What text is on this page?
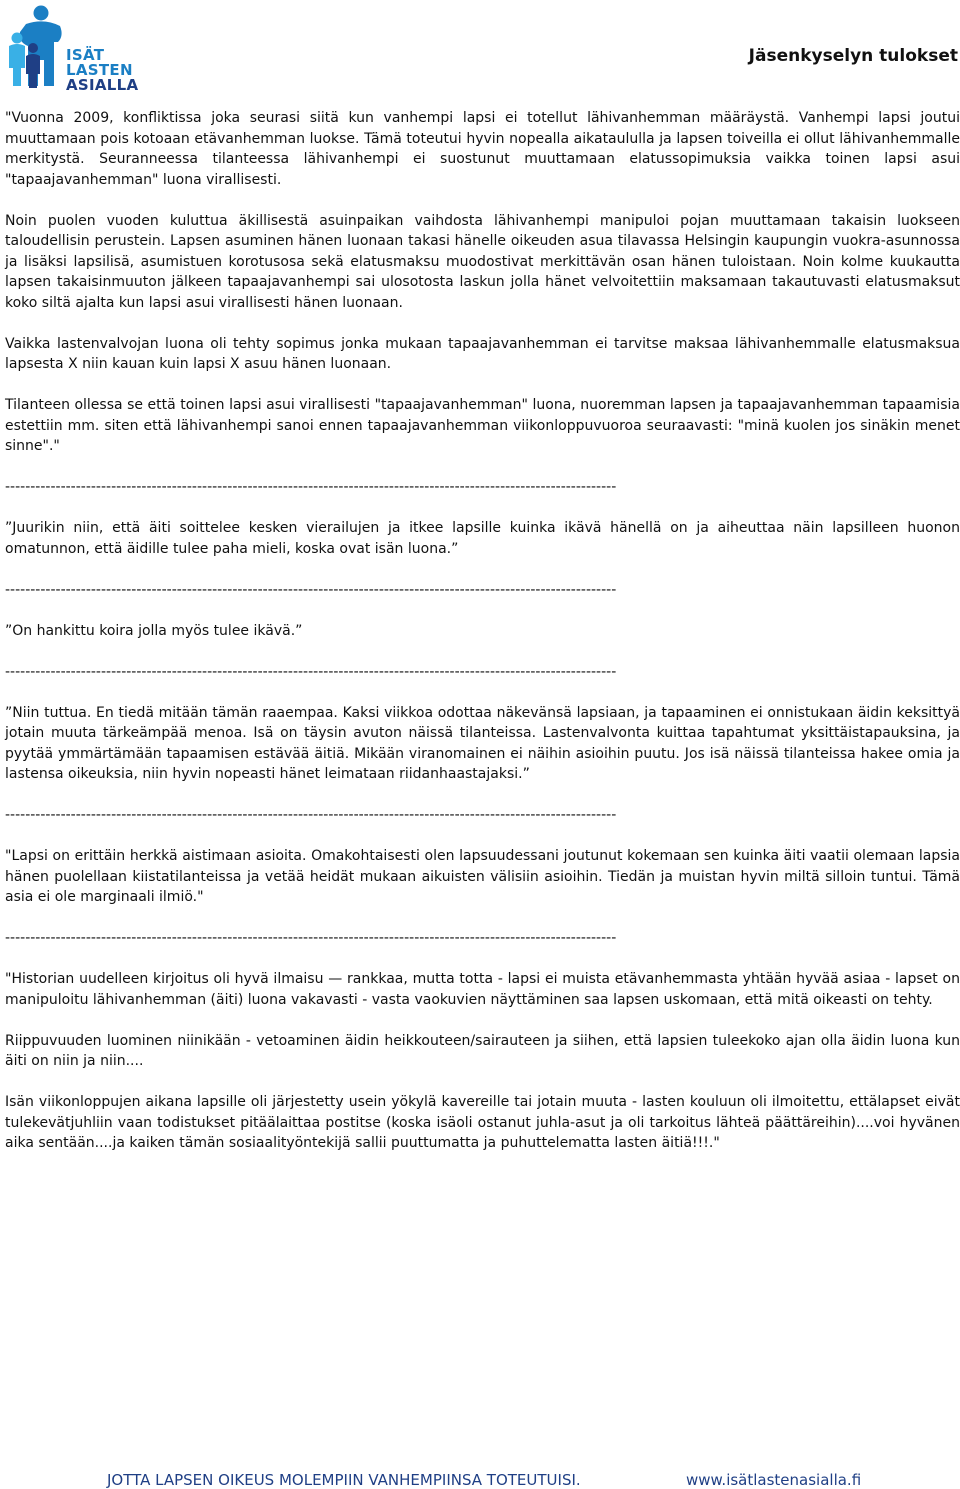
ISÄT
LASTEN
ASIALLA
Jäsenkyselyn tulokset

"Vuonna 2009, konfliktissa joka seurasi siitä kun vanhempi lapsi ei totellut lähivanhemman määräystä. Vanhempi lapsi joutui muuttamaan pois kotoaan etävanhemman luokse. Tämä toteutui hyvin nopealla aikataululla ja lapsen toiveilla ei ollut lähivanhemmalle merkitystä. Seuranneessa tilanteessa lähivanhempi ei suostunut muuttamaan elatussopimuksia vaikka toinen lapsi asui "tapaajavanhemman" luona virallisesti.

Noin puolen vuoden kuluttua äkillisestä asuinpaikan vaihdosta lähivanhempi manipuloi pojan muuttamaan takaisin luokseen taloudellisin perustein. Lapsen asuminen hänen luonaan takasi hänelle oikeuden asua tilavassa Helsingin kaupungin vuokra-asunnossa ja lisäksi lapsilisä, asumistuen korotusosa sekä elatusmaksu muodostivat merkittävän osan hänen tuloistaan. Noin kolme kuukautta lapsen takaisinmuuton jälkeen tapaajavanhempi sai ulosotosta laskun jolla hänet velvoitettiin maksamaan takautuvasti elatusmaksut koko siltä ajalta kun lapsi asui virallisesti hänen luonaan.

Vaikka lastenvalvojan luona oli tehty sopimus jonka mukaan tapaajavanhemman ei tarvitse maksaa lähivanhemmalle elatusmaksua lapsesta X niin kauan kuin lapsi X asuu hänen luonaan.

Tilanteen ollessa se että toinen lapsi asui virallisesti "tapaajavanhemman" luona, nuoremman lapsen ja tapaajavanhemman tapaamisia estettiin mm. siten että lähivanhempi sanoi ennen tapaajavanhemman viikonloppuvuoroa seuraavasti: "minä kuolen jos sinäkin menet sinne"."

-------------------------------------------------------------------------------------------------------------------------

”Juurikin niin, että äiti soittelee kesken vierailujen ja itkee lapsille kuinka ikävä hänellä on ja aiheuttaa näin lapsilleen huonon omatunnon, että äidille tulee paha mieli, koska ovat isän luona.”

-------------------------------------------------------------------------------------------------------------------------

”On hankittu koira jolla myös tulee ikävä.”

-------------------------------------------------------------------------------------------------------------------------

”Niin tuttua. En tiedä mitään tämän raaempaa. Kaksi viikkoa odottaa näkevänsä lapsiaan, ja tapaaminen ei onnistukaan äidin keksittyä jotain muuta tärkeämpää menoa. Isä on täysin avuton näissä tilanteissa. Lastenvalvonta kuittaa tapahtumat yksittäistapauksina, ja pyytää ymmärtämään tapaamisen estävää äitiä. Mikään viranomainen ei näihin asioihin puutu. Jos isä näissä tilanteissa hakee omia ja lastensa oikeuksia, niin hyvin nopeasti hänet leimataan riidanhaastajaksi.”

-------------------------------------------------------------------------------------------------------------------------

"Lapsi on erittäin herkkä aistimaan asioita. Omakohtaisesti olen lapsuudessani joutunut kokemaan sen kuinka äiti vaatii olemaan lapsia hänen puolellaan kiistatilanteissa ja vetää heidät mukaan aikuisten välisiin asioihin. Tiedän ja muistan hyvin miltä silloin tuntui. Tämä asia ei ole marginaali ilmiö."

-------------------------------------------------------------------------------------------------------------------------

"Historian uudelleen kirjoitus oli hyvä ilmaisu — rankkaa, mutta totta - lapsi ei muista etävanhemmasta yhtään hyvää asiaa - lapset on manipuloitu lähivanhemman (äiti) luona vakavasti - vasta vaokuvien näyttäminen saa lapsen uskomaan, että mitä oikeasti on tehty.

Riippuvuuden luominen niinikään - vetoaminen äidin heikkouteen/sairauteen ja siihen, että lapsien tuleekoko ajan olla äidin luona kun äiti on niin ja niin....

Isän viikonloppujen aikana lapsille oli järjestetty usein yökylä kavereille tai jotain muuta - lasten kouluun oli ilmoitettu, ettälapset eivät tulekevätjuhliin vaan todistukset pitäälaittaa postitse (koska isäoli ostanut juhla-asut ja oli tarkoitus lähteä päättäreihin)....voi hyvänen aika sentään....ja kaiken tämän sosiaalityöntekijä sallii puuttumatta ja puhuttelematta lasten äitiä!!!."

JOTTA LAPSEN OIKEUS MOLEMPIIN VANHEMPIINSA TOTEUTUISI.	www.isätlastenasialla.fi
